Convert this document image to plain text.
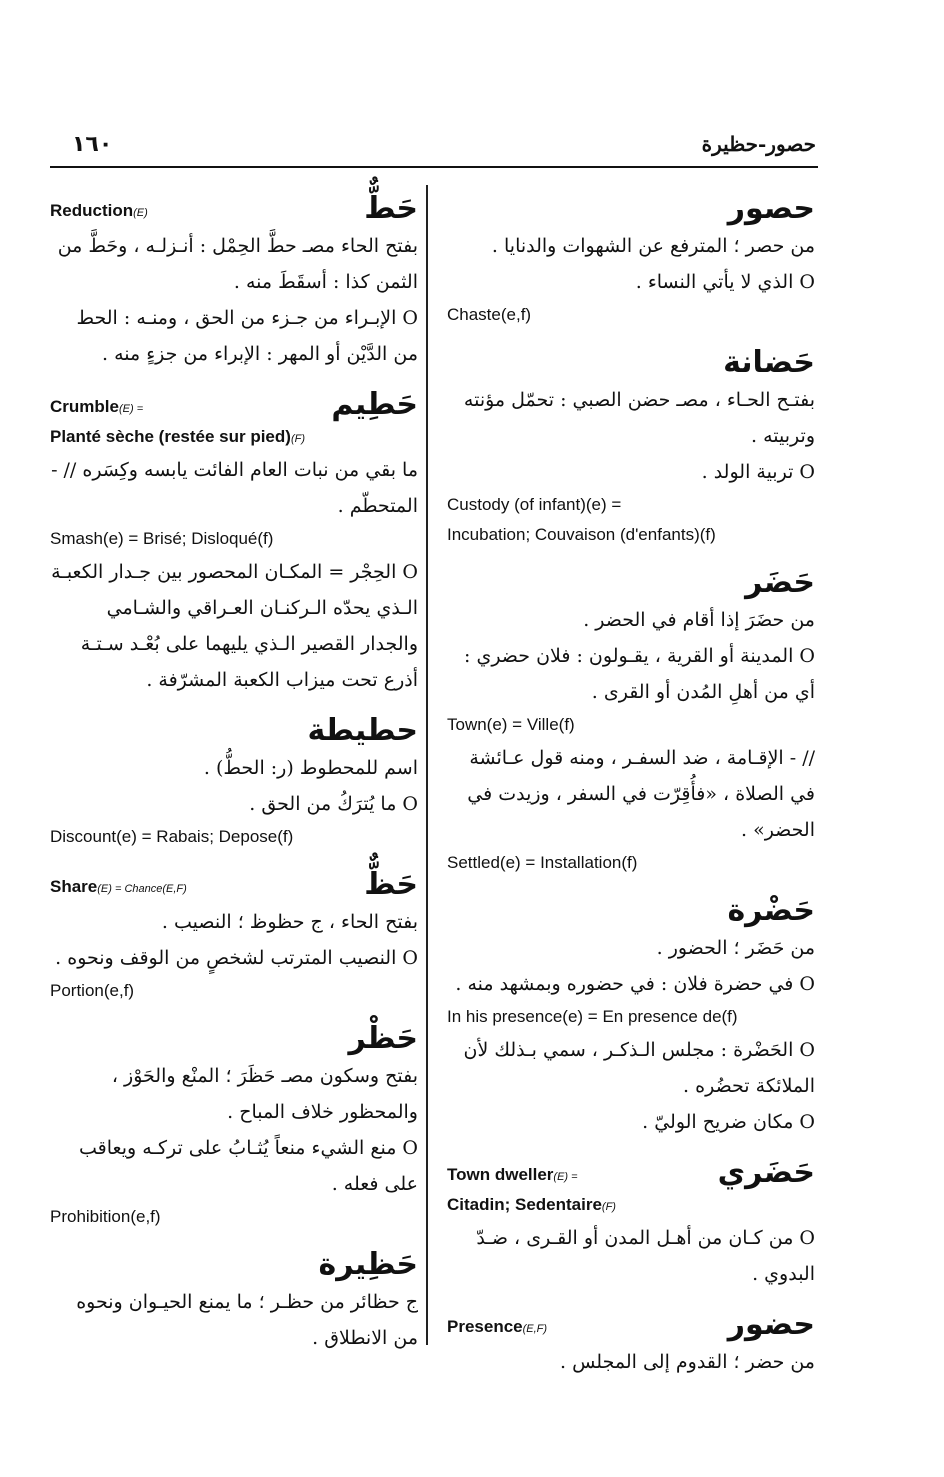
١٦٠	حصور-حظيرة
Reduction(E)	حَطٌّ

بفتح الحاء مصـ حطَّ الحِمْل : أنـزلـه ، وحَطَّ من الثمن كذا : أسقَطَ منه .

O الإبـراء من جـزء من الحق ، ومنـه : الحط من الدَّيْن أو المهر : الإبراء من جزءٍ منه .

Crumble(E) =	حَطِيم
Planté sèche (restée sur pied)(F)

ما بقي من نبات العام الفائت يابسه وكِسَره // - المتحطّم .

Smash(e) = Brisé; Disloqué(f)

O الحِجْر = المكـان المحصور بين جـدار الكعبـة الـذي يحدّه الـركنـان العـراقي والشـامي والجدار القصير الـذي يليهما على بُعْـد سـتـة أذرع تحت ميزاب الكعبة المشرّفة .

حطيطة

اسم للمحطوط (ر: الحطُّ) .

O ما يُترَكُ من الحق .

Discount(e) = Rabais; Depose(f)
Share(E) = Chance(E,F)	حَظٌّ

بفتح الحاء ، ج حظوظ ؛ النصيب .

O النصيب المترتب لشخصٍ من الوقف ونحوه .

Portion(e,f)
حَظْر

بفتح وسكون مصـ حَظَرَ ؛ المنْع والحَوْز ، والمحظور خلاف المباح .

O منع الشيء منعاً يُثـابُ على تركـه ويعاقب على فعله .

Prohibition(e,f)
حَظِيرة

ج حظائر من حظـر ؛ ما يمنع الحيـوان ونحوه من الانطلاق .

حصور

من حصر ؛ المترفع عن الشهوات والدنايا .

O الذي لا يأتي النساء .

Chaste(e,f)
حَضانة

بفتـح الحـاء ، مصـ حضن الصبي : تحمّل مؤنته وتربيته .

O تربية الولد .

Custody (of infant)(e) =
Incubation; Couvaison (d'enfants)(f)
حَضَر

من حضَرَ إذا أقام في الحضر .

O المدينة أو القرية ، يقـولون : فلان حضري : أي من أهلِ المُدن أو القرى .

Town(e) = Ville(f)

// - الإقـامة ، ضد السفـر ، ومنه قول عـائشة في الصلاة ، «فأُقِرّت في السفر ، وزيدت في الحضر» .

Settled(e) = Installation(f)
حَضْرة

من حَضَر ؛ الحضور .

O في حضرة فلان : في حضوره وبمشهد منه .

In his presence(e) = En presence de(f)

O الحَضْرة : مجلس الـذكـر ، سمي بـذلك لأن الملائكة تحضُره .

O مكان ضريح الوليّ .

Town dweller(E) =	حَضَري
Citadin; Sedentaire(F)

O من كـان من أهـل المدن أو القـرى ، ضـدّ البدوي .

Presence(E,F)	حضور

من حضر ؛ القدوم إلى المجلس .
